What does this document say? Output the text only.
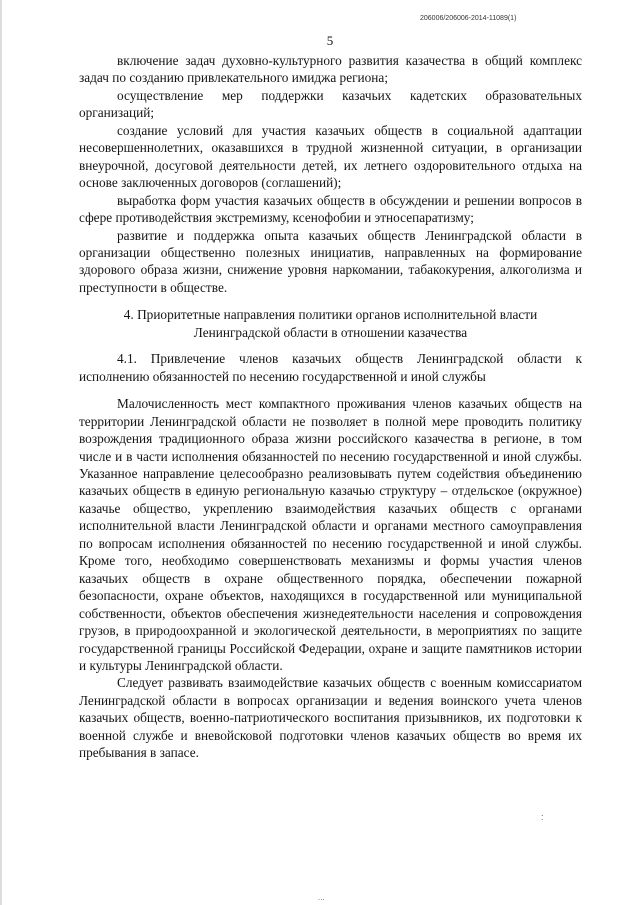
206006/206006-2014-11089(1)
5

включение задач духовно-культурного развития казачества в общий комплекс задач по созданию привлекательного имиджа региона;

осуществление мер поддержки казачьих кадетских образовательных организаций;

создание условий для участия казачьих обществ в социальной адаптации несовершеннолетних, оказавшихся в трудной жизненной ситуации, в организации внеурочной, досуговой деятельности детей, их летнего оздоровительного отдыха на основе заключенных договоров (соглашений);

выработка форм участия казачьих обществ в обсуждении и решении вопросов в сфере противодействия экстремизму, ксенофобии и этносепаратизму;

развитие и поддержка опыта казачьих обществ Ленинградской области в организации общественно полезных инициатив, направленных на формирование здорового образа жизни, снижение уровня наркомании, табакокурения, алкоголизма и преступности в обществе.

4. Приоритетные направления политики органов исполнительной власти
Ленинградской области в отношении казачества

4.1. Привлечение членов казачьих обществ Ленинградской области к исполнению обязанностей по несению государственной и иной службы

Малочисленность мест компактного проживания членов казачьих обществ на территории Ленинградской области не позволяет в полной мере проводить политику возрождения традиционного образа жизни российского казачества в регионе, в том числе и в части исполнения обязанностей по несению государственной и иной службы. Указанное направление целесообразно реализовывать путем содействия объединению казачьих обществ в единую региональную казачью структуру – отдельское (окружное) казачье общество, укреплению взаимодействия казачьих обществ с органами исполнительной власти Ленинградской области и органами местного самоуправления по вопросам исполнения обязанностей по несению государственной и иной службы. Кроме того, необходимо совершенствовать механизмы и формы участия членов казачьих обществ в охране общественного порядка, обеспечении пожарной безопасности, охране объектов, находящихся в государственной или муниципальной собственности, объектов обеспечения жизнедеятельности населения и сопровождения грузов, в природоохранной и экологической деятельности, в мероприятиях по защите государственной границы Российской Федерации, охране и защите памятников истории и культуры Ленинградской области.

Следует развивать взаимодействие казачьих обществ с военным комиссариатом Ленинградской области в вопросах организации и ведения воинского учета членов казачьих обществ, военно-патриотического воспитания призывников, их подготовки к военной службе и вневойсковой подготовки членов казачьих обществ во время их пребывания в запасе.

:
...
